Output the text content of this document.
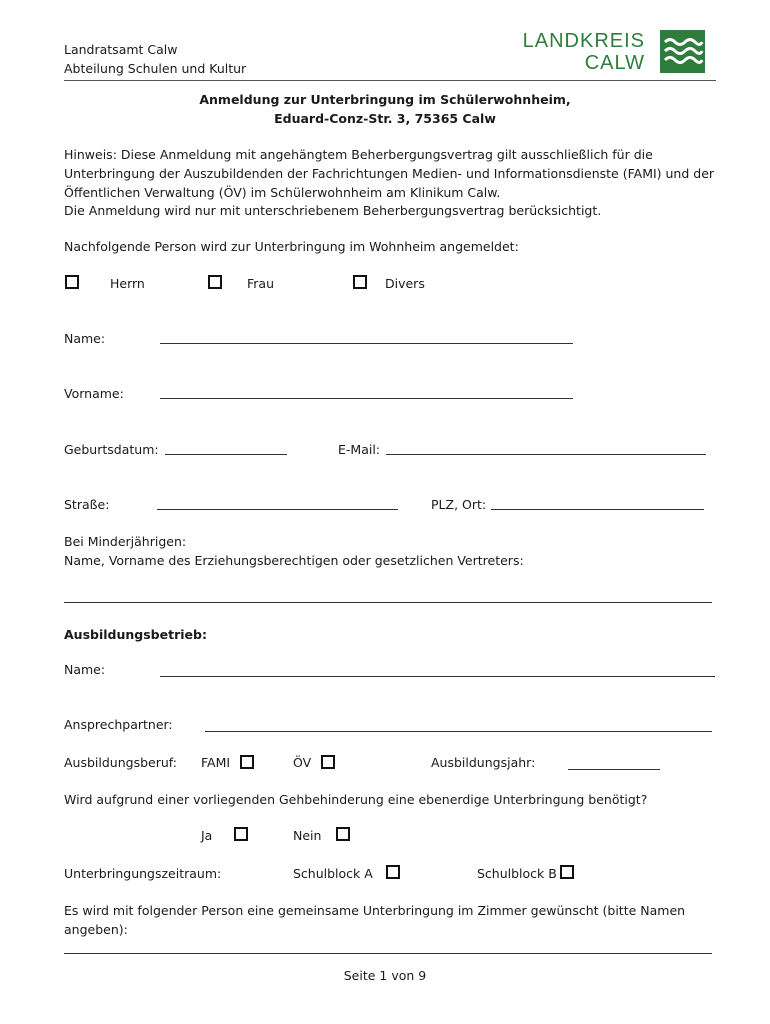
Landratsamt Calw
Abteilung Schulen und Kultur
LANDKREIS
CALW
Anmeldung zur Unterbringung im Schülerwohnheim,
Eduard-Conz-Str. 3, 75365 Calw
Hinweis: Diese Anmeldung mit angehängtem Beherbergungsvertrag gilt ausschließlich für die
Unterbringung der Auszubildenden der Fachrichtungen Medien- und Informationsdienste (FAMI) und der
Öffentlichen Verwaltung (ÖV) im Schülerwohnheim am Klinikum Calw.
Die Anmeldung wird nur mit unterschriebenem Beherbergungsvertrag berücksichtigt.
Nachfolgende Person wird zur Unterbringung im Wohnheim angemeldet:
Herrn	Frau	Divers
Name:
Vorname:
Geburtsdatum:	E-Mail:
Straße:	PLZ, Ort:
Bei Minderjährigen:
Name, Vorname des Erziehungsberechtigen oder gesetzlichen Vertreters:
Ausbildungsbetrieb:
Name:
Ansprechpartner:
Ausbildungsberuf: FAMI	ÖV	Ausbildungsjahr:
Wird aufgrund einer vorliegenden Gehbehinderung eine ebenerdige Unterbringung benötigt?
Ja	Nein
Unterbringungszeitraum:	Schulblock A	Schulblock B
Es wird mit folgender Person eine gemeinsame Unterbringung im Zimmer gewünscht (bitte Namen
angeben):
Seite 1 von 9
